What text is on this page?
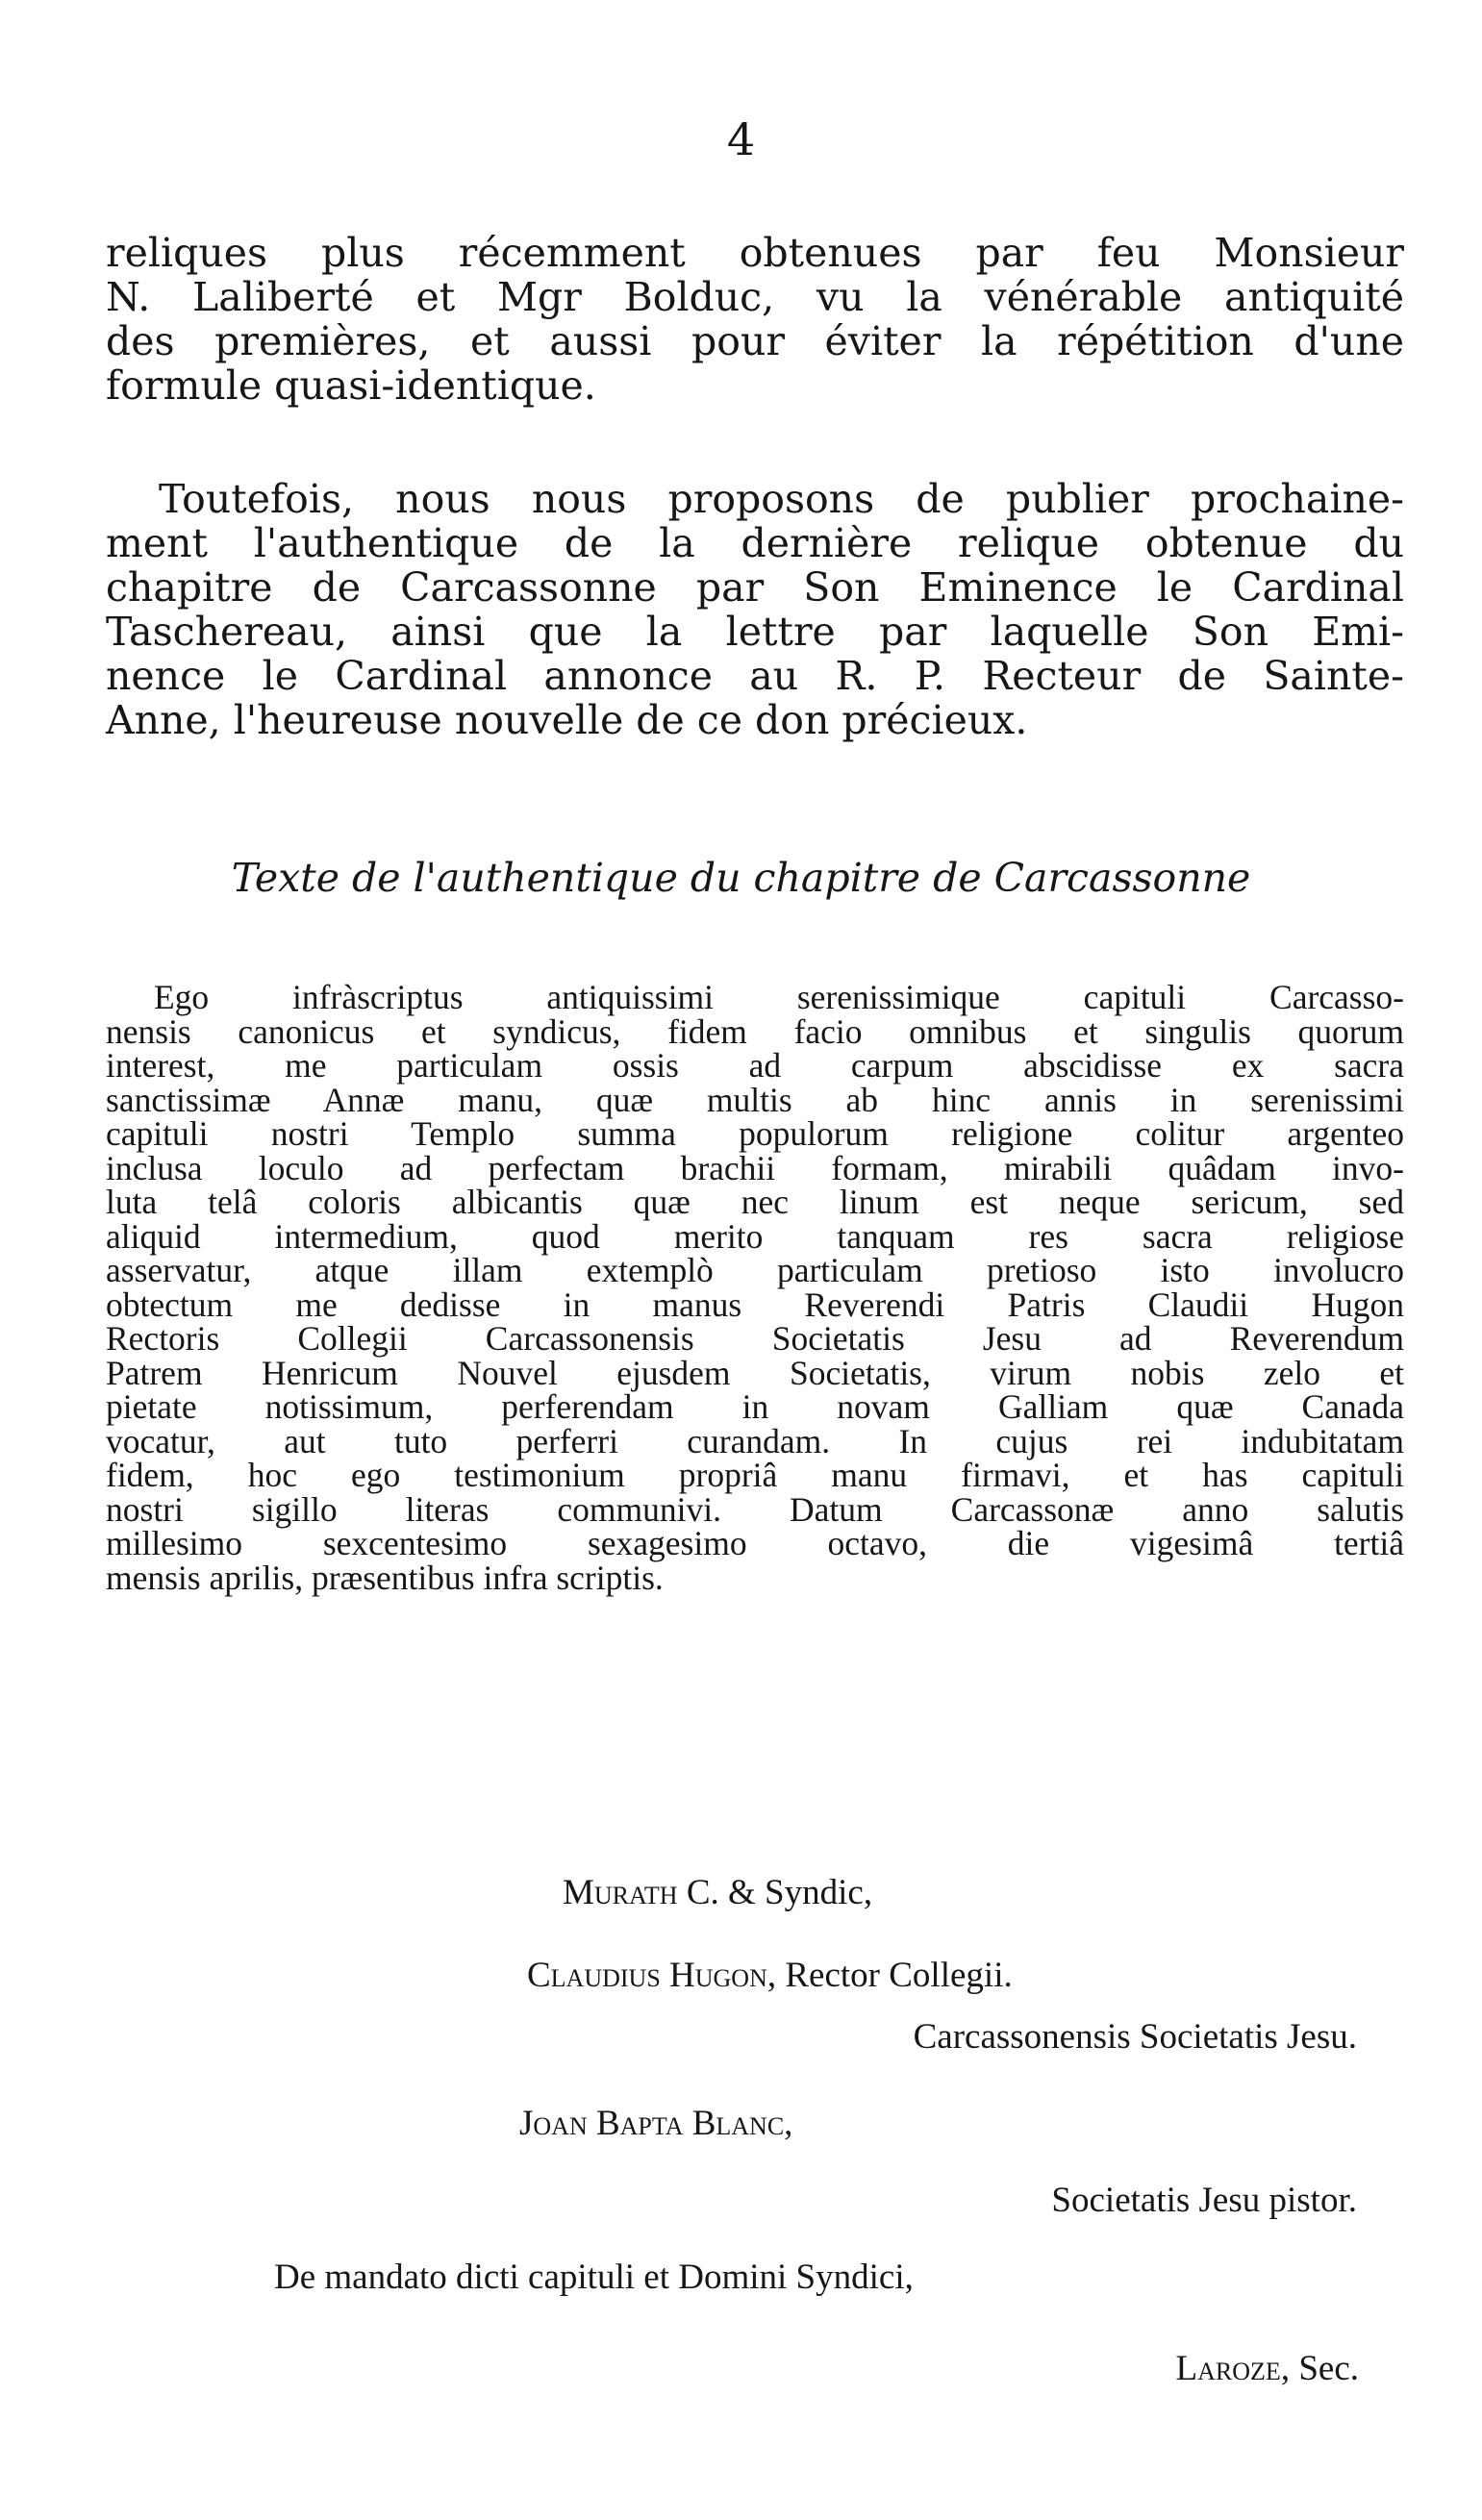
4
reliques plus récemment obtenues par feu Monsieur
N. Laliberté et Mgr Bolduc, vu la vénérable antiquité
des premières, et aussi pour éviter la répétition d'une
formule quasi-identique.
Toutefois, nous nous proposons de publier prochaine-
ment l'authentique de la dernière relique obtenue du
chapitre de Carcassonne par Son Eminence le Cardinal
Taschereau, ainsi que la lettre par laquelle Son Emi-
nence le Cardinal annonce au R. P. Recteur de Sainte-
Anne, l'heureuse nouvelle de ce don précieux.
Texte de l'authentique du chapitre de Carcassonne
Ego infràscriptus antiquissimi serenissimique capituli Carcasso-
nensis canonicus et syndicus, fidem facio omnibus et singulis quorum
interest, me particulam ossis ad carpum abscidisse ex sacra
sanctissimæ Annæ manu, quæ multis ab hinc annis in serenissimi
capituli nostri Templo summa populorum religione colitur argenteo
inclusa loculo ad perfectam brachii formam, mirabili quâdam invo-
luta telâ coloris albicantis quæ nec linum est neque sericum, sed
aliquid intermedium, quod merito tanquam res sacra religiose
asservatur, atque illam extemplò particulam pretioso isto involucro
obtectum me dedisse in manus Reverendi Patris Claudii Hugon
Rectoris Collegii Carcassonensis Societatis Jesu ad Reverendum
Patrem Henricum Nouvel ejusdem Societatis, virum nobis zelo et
pietate notissimum, perferendam in novam Galliam quæ Canada
vocatur, aut tuto perferri curandam. In cujus rei indubitatam
fidem, hoc ego testimonium propriâ manu firmavi, et has capituli
nostri sigillo literas communivi. Datum Carcassonæ anno salutis
millesimo sexcentesimo sexagesimo octavo, die vigesimâ tertiâ
mensis aprilis, præsentibus infra scriptis.
Murath C. & Syndic,
Claudius Hugon, Rector Collegii.
Carcassonensis Societatis Jesu.
Joan Bapta Blanc,
Societatis Jesu pistor.
De mandato dicti capituli et Domini Syndici,
Laroze, Sec.
